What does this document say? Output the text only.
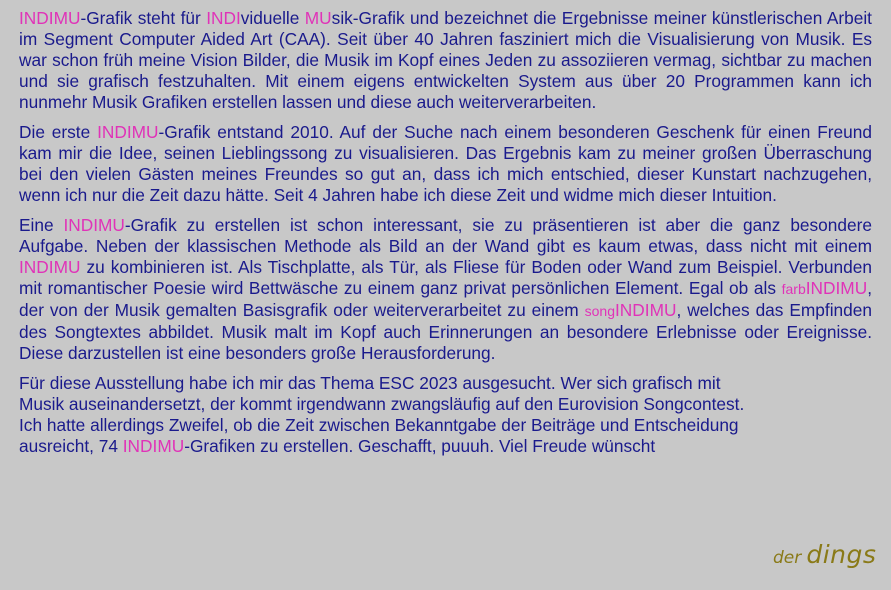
INDIMU-Grafik steht für INDIviduelle MUsik-Grafik und bezeichnet die Ergebnisse meiner künstlerischen Arbeit im Segment Computer Aided Art (CAA). Seit über 40 Jahren fasziniert mich die Visualisierung von Musik. Es war schon früh meine Vision Bilder, die Musik im Kopf eines Jeden zu assoziieren vermag, sichtbar zu machen und sie grafisch festzuhalten. Mit einem eigens entwickelten System aus über 20 Programmen kann ich nunmehr Musik Grafiken erstellen lassen und diese auch weiterverarbeiten.

Die erste INDIMU-Grafik entstand 2010. Auf der Suche nach einem besonderen Geschenk für einen Freund kam mir die Idee, seinen Lieblingssong zu visualisieren. Das Ergebnis kam zu meiner großen Überraschung bei den vielen Gästen meines Freundes so gut an, dass ich mich entschied, dieser Kunstart nachzugehen, wenn ich nur die Zeit dazu hätte. Seit 4 Jahren habe ich diese Zeit und widme mich dieser Intuition.

Eine INDIMU-Grafik zu erstellen ist schon interessant, sie zu präsentieren ist aber die ganz besondere Aufgabe. Neben der klassischen Methode als Bild an der Wand gibt es kaum etwas, dass nicht mit einem INDIMU zu kombinieren ist. Als Tischplatte, als Tür, als Fliese für Boden oder Wand zum Beispiel. Verbunden mit romantischer Poesie wird Bettwäsche zu einem ganz privat persönlichen Element. Egal ob als farbINDIMU, der von der Musik gemalten Basisgrafik oder weiterverarbeitet zu einem songINDIMU, welches das Empfinden des Songtextes abbildet. Musik malt im Kopf auch Erinnerungen an besondere Erlebnisse oder Ereignisse. Diese darzustellen ist eine besonders große Herausforderung.

Für diese Ausstellung habe ich mir das Thema ESC 2023 ausgesucht. Wer sich grafisch mit Musik auseinandersetzt, der kommt irgendwann zwangsläufig auf den Eurovision Songcontest. Ich hatte allerdings Zweifel, ob die Zeit zwischen Bekanntgabe der Beiträge und Entscheidung ausreicht, 74 INDIMU-Grafiken zu erstellen. Geschafft, puuuh. Viel Freude wünscht

der dings
